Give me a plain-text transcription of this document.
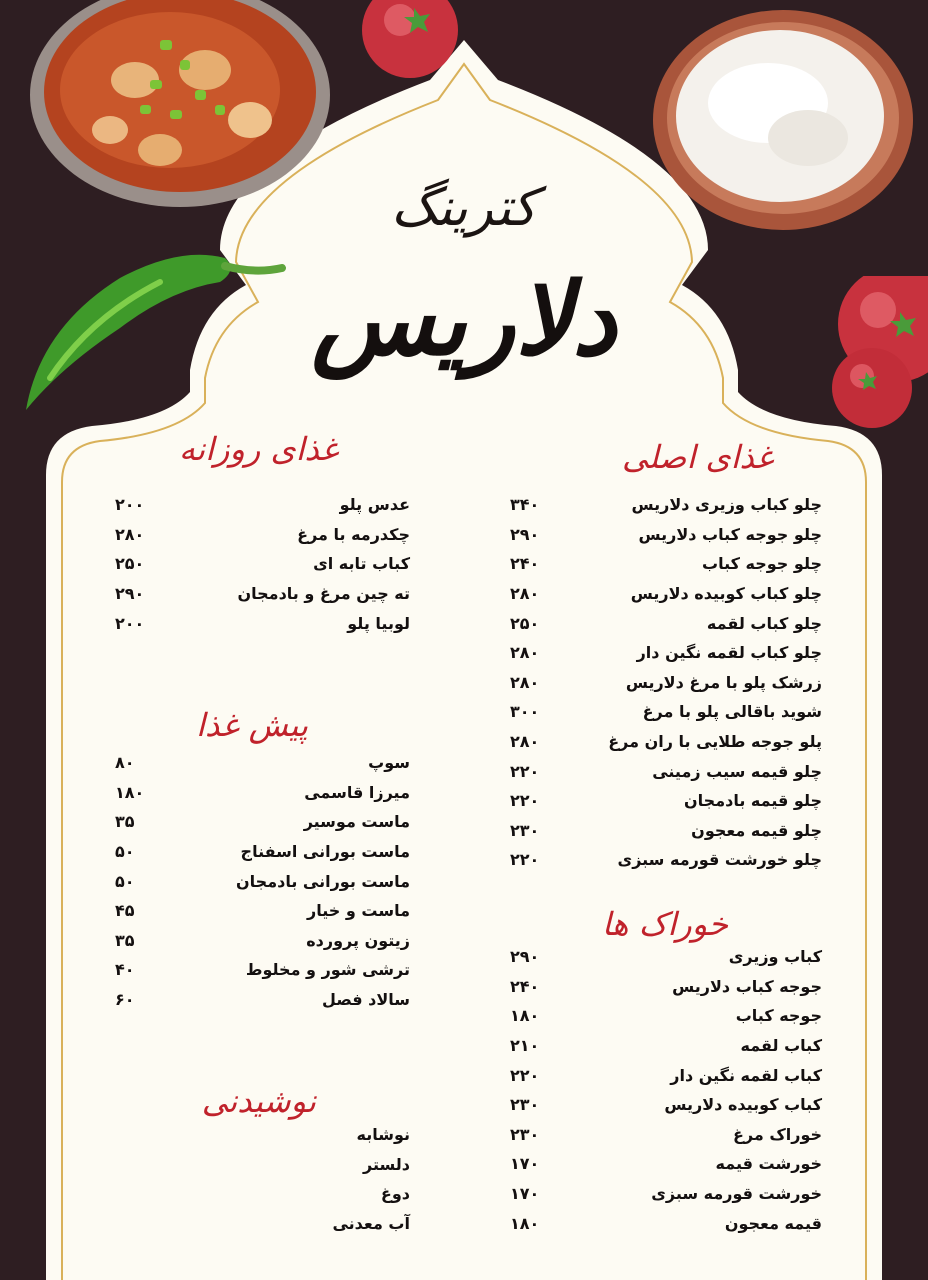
کترینگ
دلاریس
غذای اصلی
چلو کباب وزیری دلاریس
۳۴۰
چلو جوجه کباب دلاریس
۲۹۰
چلو جوجه کباب
۲۴۰
چلو کباب کوبیده دلاریس
۲۸۰
چلو کباب لقمه
۲۵۰
چلو کباب لقمه نگین دار
۲۸۰
زرشک پلو با مرغ دلاریس
۲۸۰
شوید باقالی پلو با مرغ
۳۰۰
پلو جوجه طلایی با ران مرغ
۲۸۰
چلو قیمه سیب زمینی
۲۲۰
چلو قیمه بادمجان
۲۲۰
چلو قیمه معجون
۲۳۰
چلو خورشت قورمه سبزی
۲۲۰
خوراک ها
کباب وزیری
۲۹۰
جوجه کباب دلاریس
۲۴۰
جوجه کباب
۱۸۰
کباب لقمه
۲۱۰
کباب لقمه نگین دار
۲۲۰
کباب کوبیده دلاریس
۲۳۰
خوراک مرغ
۲۳۰
خورشت قیمه
۱۷۰
خورشت قورمه سبزی
۱۷۰
قیمه معجون
۱۸۰
غذای روزانه
عدس پلو
۲۰۰
چکدرمه با مرغ
۲۸۰
کباب تابه ای
۲۵۰
ته چین مرغ و بادمجان
۲۹۰
لوبیا پلو
۲۰۰
پیش غذا
سوپ
۸۰
میرزا قاسمی
۱۸۰
ماست موسیر
۳۵
ماست بورانی اسفناج
۵۰
ماست بورانی بادمجان
۵۰
ماست و خیار
۴۵
زیتون پرورده
۳۵
ترشی شور و مخلوط
۴۰
سالاد فصل
۶۰
نوشیدنی
نوشابه
دلستر
دوغ
آب معدنی
